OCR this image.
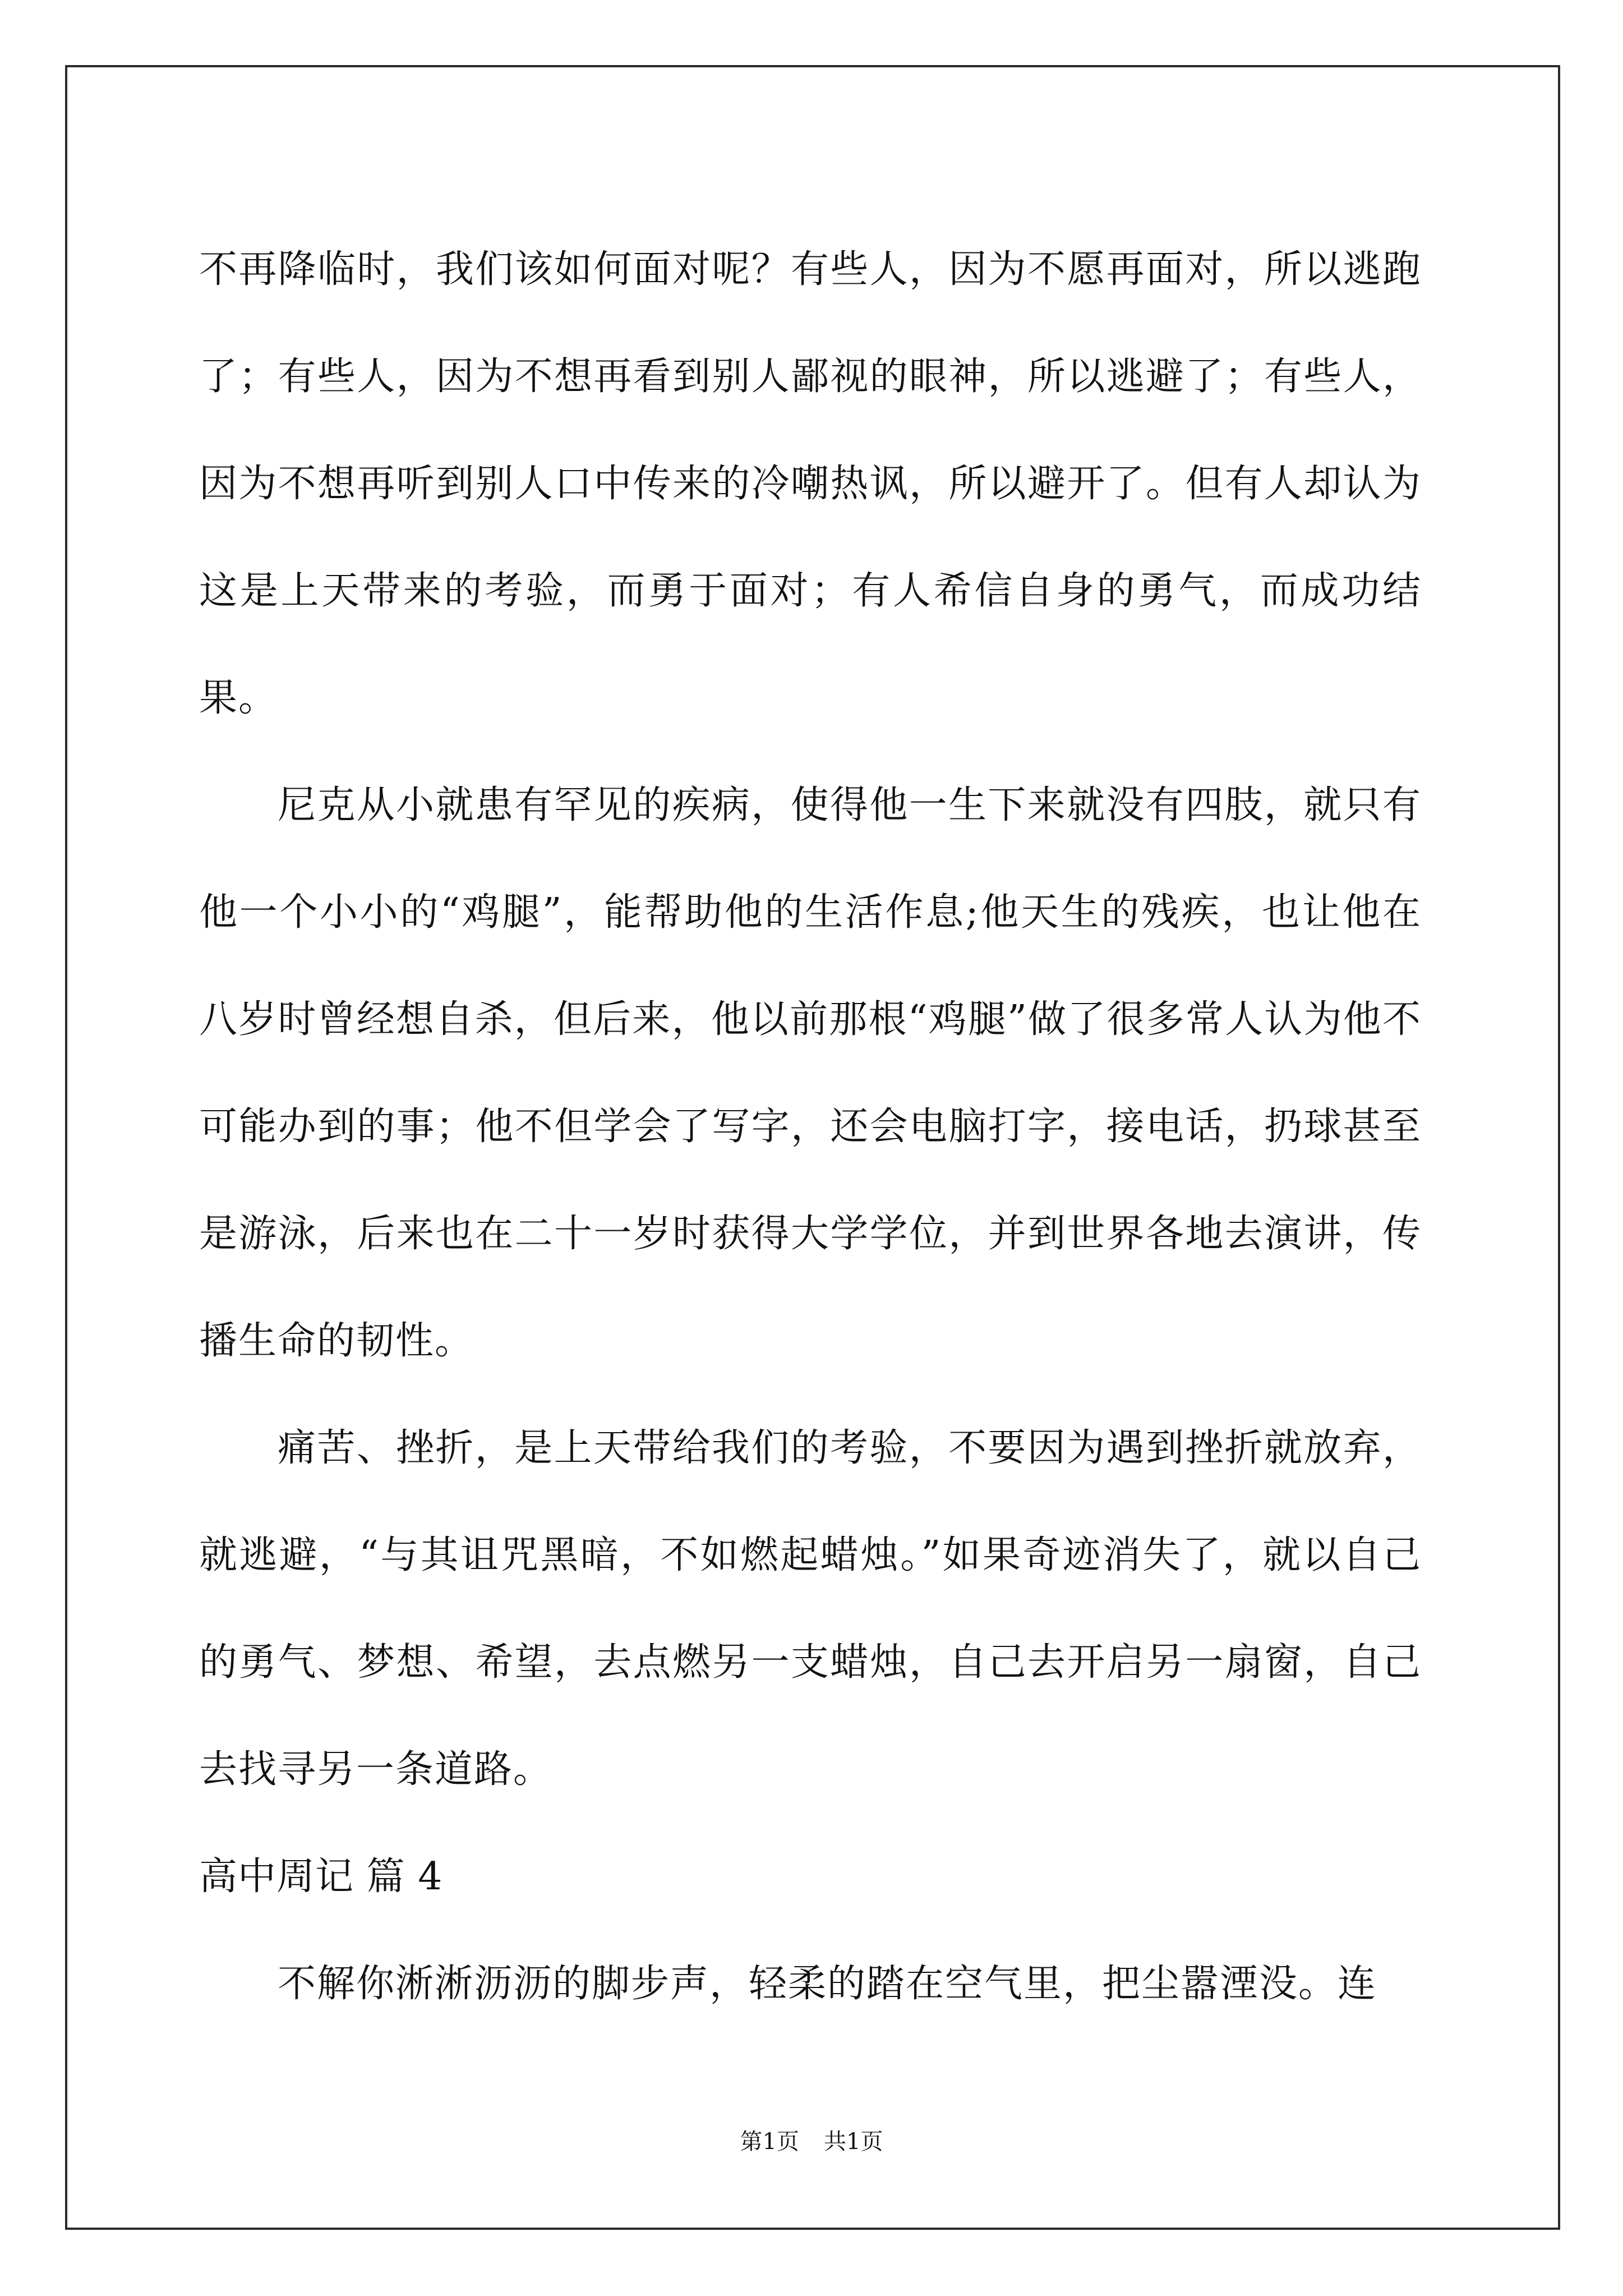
不再降临时，我们该如何面对呢？有些人，因为不愿再面对，所以逃跑了；有些人，因为不想再看到别人鄙视的眼神，所以逃避了；有些人，因为不想再听到别人口中传来的冷嘲热讽，所以避开了。但有人却认为这是上天带来的考验，而勇于面对；有人希信自身的勇气，而成功结果。

尼克从小就患有罕见的疾病，使得他一生下来就没有四肢，就只有他一个小小的“鸡腿”，能帮助他的生活作息;他天生的残疾，也让他在八岁时曾经想自杀，但后来，他以前那根“鸡腿”做了很多常人认为他不可能办到的事；他不但学会了写字，还会电脑打字，接电话，扔球甚至是游泳，后来也在二十一岁时获得大学学位，并到世界各地去演讲，传播生命的韧性。

痛苦、挫折，是上天带给我们的考验，不要因为遇到挫折就放弃，就逃避，“与其诅咒黑暗，不如燃起蜡烛。”如果奇迹消失了，就以自己的勇气、梦想、希望，去点燃另一支蜡烛，自己去开启另一扇窗，自己去找寻另一条道路。

高中周记 篇 4

不解你淅淅沥沥的脚步声，轻柔的踏在空气里，把尘嚣湮没。连

第1页 共1页
